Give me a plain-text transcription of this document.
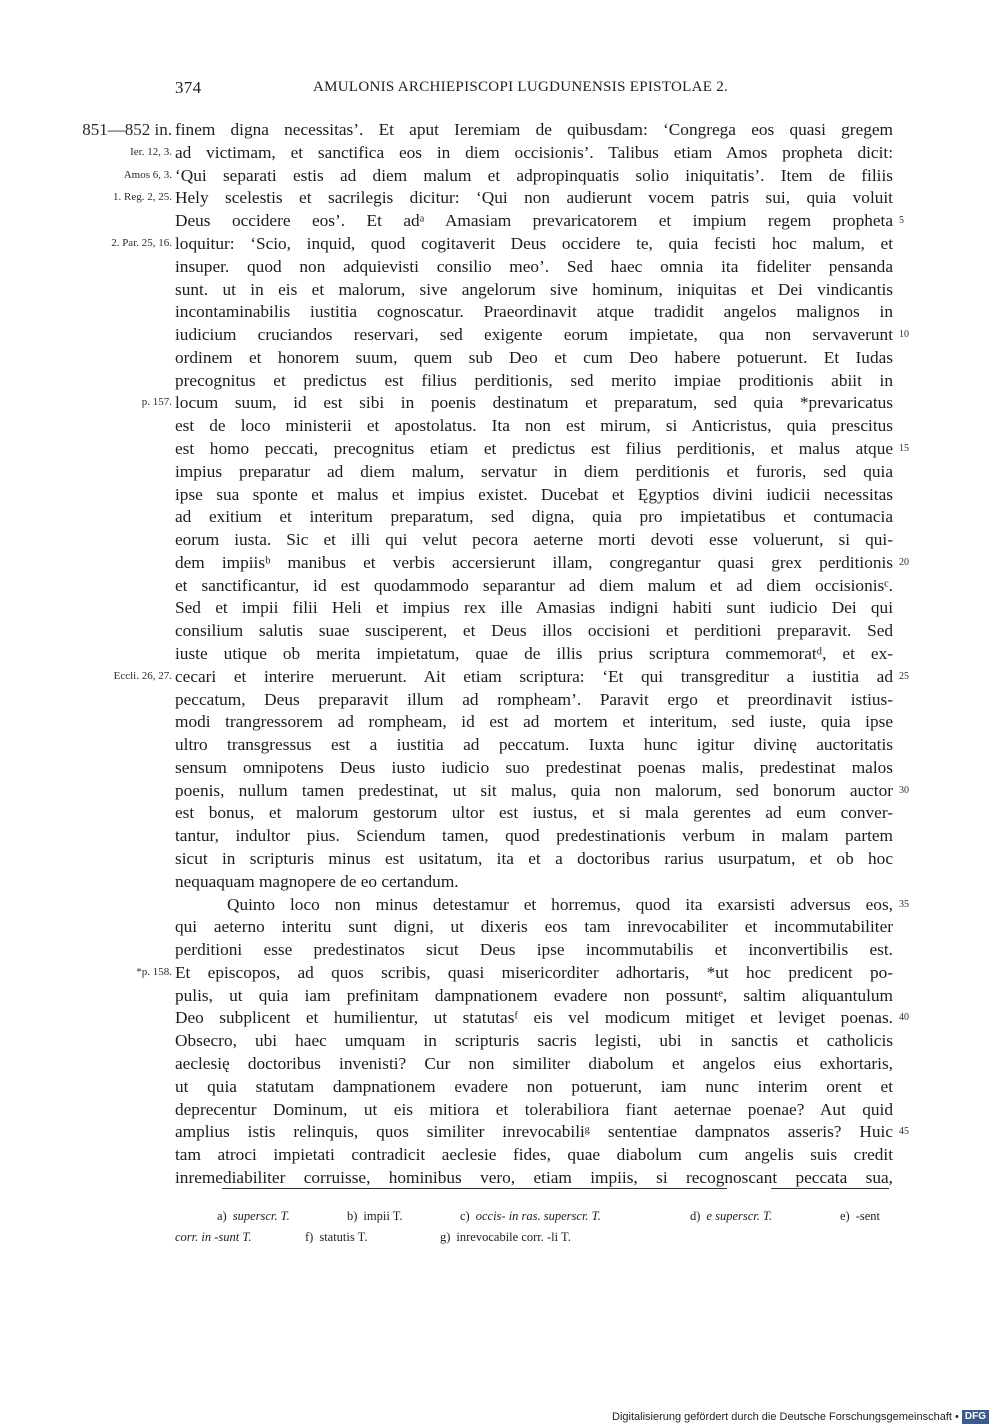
374	AMULONIS ARCHIEPISCOPI LUGDUNENSIS EPISTOLAE 2.
finem digna necessitas’. Et aput Ieremiam de quibusdam: ‘Congrega eos quasi gregem
851—852 in.
ad victimam, et sanctifica eos in diem occisionis’. Talibus etiam Amos propheta dicit:
Ier. 12, 3.
‘Qui separati estis ad diem malum et adpropinquatis solio iniquitatis’. Item de filiis
Amos 6, 3.
Hely scelestis et sacrilegis dicitur: ‘Qui non audierunt vocem patris sui, quia voluit
1. Reg. 2, 25.
Deus occidere eos’. Et adᵃ Amasiam prevaricatorem et impium regem propheta 5
loquitur: ‘Scio, inquid, quod cogitaverit Deus occidere te, quia fecisti hoc malum, et
2. Par. 25, 16.
insuper. quod non adquievisti consilio meo’. Sed haec omnia ita fideliter pensanda
sunt. ut in eis et malorum, sive angelorum sive hominum, iniquitas et Dei vindicantis
incontaminabilis iustitia cognoscatur. Praeordinavit atque tradidit angelos malignos in
iudicium cruciandos reservari, sed exigente eorum impietate, qua non servaverunt 10
ordinem et honorem suum, quem sub Deo et cum Deo habere potuerunt. Et Iudas
precognitus et predictus est filius perditionis, sed merito impiae proditionis abiit in
locum suum, id est sibi in poenis destinatum et preparatum, sed quia *prevaricatus
p. 157.
est de loco ministerii et apostolatus. Ita non est mirum, si Anticristus, quia prescitus
est homo peccati, precognitus etiam et predictus est filius perditionis, et malus atque 15
impius preparatur ad diem malum, servatur in diem perditionis et furoris, sed quia
ipse sua sponte et malus et impius existet. Ducebat et Ęgyptios divini iudicii necessitas
ad exitium et interitum preparatum, sed digna, quia pro impietatibus et contumacia
eorum iusta. Sic et illi qui velut pecora aeterne morti devoti esse voluerunt, si qui-
dem impiisᵇ manibus et verbis accersierunt illam, congregantur quasi grex perditionis 20
et sanctificantur, id est quodammodo separantur ad diem malum et ad diem occisionisᶜ.
Sed et impii filii Heli et impius rex ille Amasias indigni habiti sunt iudicio Dei qui
consilium salutis suae susciperent, et Deus illos occisioni et perditioni preparavit. Sed
iuste utique ob merita impietatum, quae de illis prius scriptura commemoratᵈ, et ex-
cecari et interire meruerunt. Ait etiam scriptura: ‘Et qui transgreditur a iustitia ad
Eccli. 26, 27.	25
peccatum, Deus preparavit illum ad rompheam’. Paravit ergo et preordinavit istius-
modi trangressorem ad rompheam, id est ad mortem et interitum, sed iuste, quia ipse
ultro transgressus est a iustitia ad peccatum. Iuxta hunc igitur divinę auctoritatis
sensum omnipotens Deus iusto iudicio suo predestinat poenas malis, predestinat malos
poenis, nullum tamen predestinat, ut sit malus, quia non malorum, sed bonorum auctor 30
est bonus, et malorum gestorum ultor est iustus, et si mala gerentes ad eum conver-
tantur, indultor pius. Sciendum tamen, quod predestinationis verbum in malam partem
sicut in scripturis minus est usitatum, ita et a doctoribus rarius usurpatum, et ob hoc
nequaquam magnopere de eo certandum.
Quinto loco non minus detestamur et horremus, quod ita exarsisti adversus eos, 35
qui aeterno interitu sunt digni, ut dixeris eos tam inrevocabiliter et incommutabiliter
perditioni esse predestinatos sicut Deus ipse incommutabilis et inconvertibilis est.
Et episcopos, ad quos scribis, quasi misericorditer adhortaris, *ut hoc predicent po-
*p. 158.
pulis, ut quia iam prefinitam dampnationem evadere non possuntᵉ, saltim aliquantulum
Deo subplicent et humilientur, ut statutasᶠ eis vel modicum mitiget et leviget poenas. 40
Obsecro, ubi haec umquam in scripturis sacris legisti, ubi in sanctis et catholicis
aeclesię doctoribus invenisti? Cur non similiter diabolum et angelos eius exhortaris,
ut quia statutam dampnationem evadere non potuerunt, iam nunc interim orent et
deprecentur Dominum, ut eis mitiora et tolerabiliora fiant aeternae poenae? Aut quid
amplius istis relinquis, quos similiter inrevocabiliᵍ sententiae dampnatos asseris? Huic 45
tam atroci impietati contradicit aeclesie fides, quae diabolum cum angelis suis credit
inremediabiliter corruisse, hominibus vero, etiam impiis, si recognoscant peccata sua,
a) superscr. T.	b) impii T.	c) occis- in ras. superscr. T.	d) e superscr. T.	e) -sent
corr. in -sunt T.	f) statutis T.	g) inrevocabile corr. -li T.
Digitalisierung gefördert durch die Deutsche Forschungsgemeinschaft • DFG
